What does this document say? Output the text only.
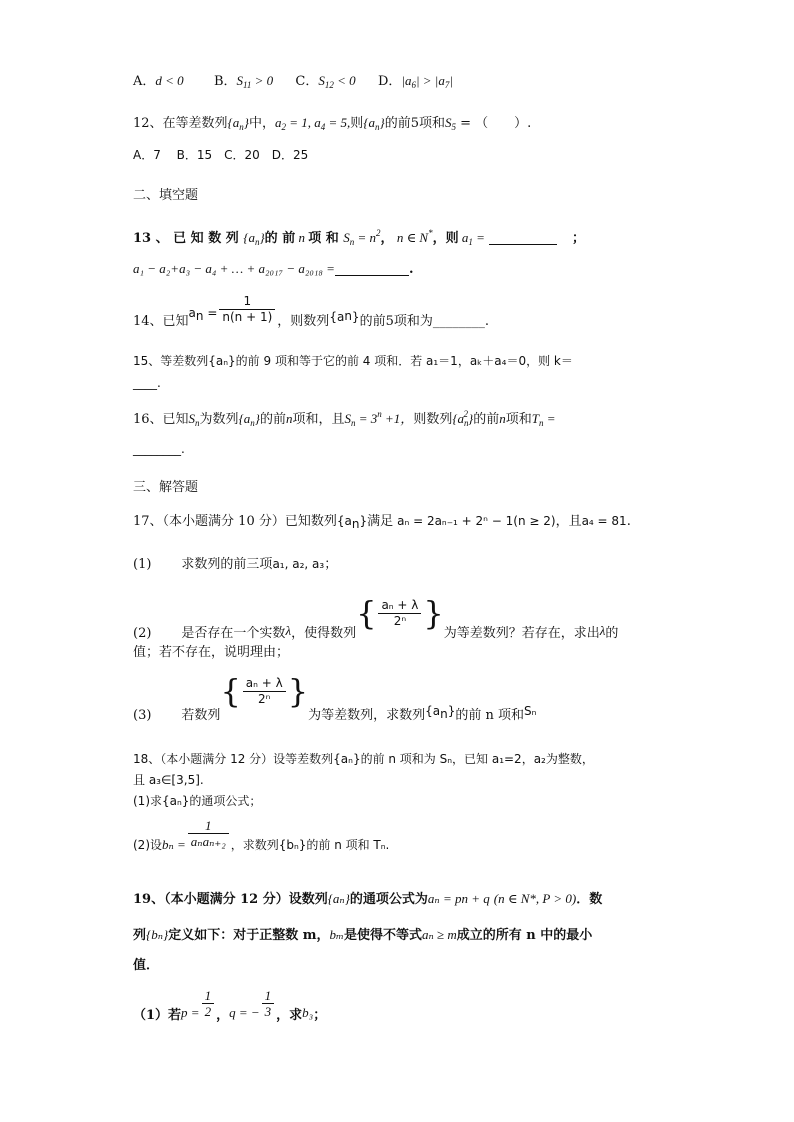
A．d < 0 B．$S_{11} > 0$ C．$S_{12} < 0$ D．$|a_6| > |a_7|$
12、在等差数列$\{a_n\}$中，$a_2 = 1$, $a_4 = 5$,则$\{a_n\}$的前5项和$S_5$ = （　　）.
A．7　 B．15　C．20　D．25
二、填空题
13 、 已 知 数 列 $\{a_n\}$的 前 n 项 和 $S_n = n^2$， n ∈ N*，则 $a_1$ =	；
a₁ − a₂+a₃ − a₄ + … + a₂₀₁₇ − a₂₀₁₈ =	.
14、已知an = $\frac{1}{n(n + 1)}$ ，则数列{an}的前5项和为________.
15、等差数列{aₙ}的前 9 项和等于它的前 4 项和．若 a₁＝1，aₖ＋a₄＝0，则 k＝
____.
16、已知$S_n$为数列$\{a_n\}$的前n项和，且$S_n = 3^n +1$，则数列$\{a_n^2\}$的前n项和$T_n$ =
________.
三、解答题
17、（本小题满分 10 分）已知数列{an}满足 aₙ = 2aₙ₋₁ + 2ⁿ − 1(n ≥ 2)，且a₄ = 81.
(1) 求数列的前三项a₁, a₂, a₃；
(2) 是否存在一个实数λ，使得数列{ $\frac{\text{aₙ + λ}}{\text{2ⁿ}}$ }为等差数列？若存在，求出λ的
值；若不存在，说明理由；
(3) 若数列{ $\frac{\text{aₙ + λ}}{\text{2ⁿ}}$ }为等差数列，求数列{an}的前 n 项和Sₙ
18、（本小题满分 12 分）设等差数列{aₙ}的前 n 项和为 Sₙ，已知 a₁=2，a₂为整数，
且 a₃∈[3,5].
(1)求{aₙ}的通项公式；
(2)设$b_n = \frac{1}{\text{aₙaₙ₊₂}}$ ，求数列{bₙ}的前 n 项和 Tₙ.
19、（本小题满分 12 分）设数列{aₙ}的通项公式为aₙ = pn + q (n ∈ N*, P > 0)．数
列{bₙ}定义如下：对于正整数 m，bₘ是使得不等式aₙ ≥ m成立的所有 n 中的最小
值．
（1）若$p = \frac{1}{2}$ ，q = − $\frac{1}{3}$ ，求b₃；
